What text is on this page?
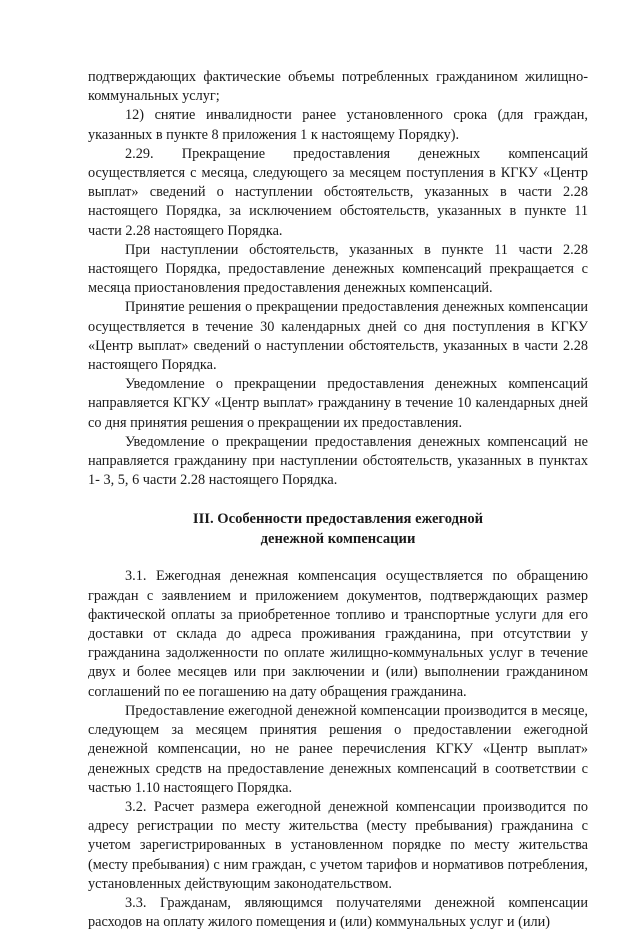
подтверждающих фактические объемы потребленных гражданином жилищно-коммунальных услуг;

12) снятие инвалидности ранее установленного срока (для граждан, указанных в пункте 8 приложения 1 к настоящему Порядку).

2.29. Прекращение предоставления денежных компенсаций осуществляется с месяца, следующего за месяцем поступления в КГКУ «Центр выплат» сведений о наступлении обстоятельств, указанных в части 2.28 настоящего Порядка, за исключением обстоятельств, указанных в пункте 11 части 2.28 настоящего Порядка.

При наступлении обстоятельств, указанных в пункте 11 части 2.28 настоящего Порядка, предоставление денежных компенсаций прекращается с месяца приостановления предоставления денежных компенсаций.

Принятие решения о прекращении предоставления денежных компенсации осуществляется в течение 30 календарных дней со дня поступления в КГКУ «Центр выплат» сведений о наступлении обстоятельств, указанных в части 2.28 настоящего Порядка.

Уведомление о прекращении предоставления денежных компенсаций направляется КГКУ «Центр выплат» гражданину в течение 10 календарных дней со дня принятия решения о прекращении их предоставления.

Уведомление о прекращении предоставления денежных компенсаций не направляется гражданину при наступлении обстоятельств, указанных в пунктах 1- 3, 5, 6 части 2.28 настоящего Порядка.

III. Особенности предоставления ежегодной
денежной компенсации

3.1. Ежегодная денежная компенсация осуществляется по обращению граждан с заявлением и приложением документов, подтверждающих размер фактической оплаты за приобретенное топливо и транспортные услуги для его доставки от склада до адреса проживания гражданина, при отсутствии у гражданина задолженности по оплате жилищно-коммунальных услуг в течение двух и более месяцев или при заключении и (или) выполнении гражданином соглашений по ее погашению на дату обращения гражданина.

Предоставление ежегодной денежной компенсации производится в месяце, следующем за месяцем принятия решения о предоставлении ежегодной денежной компенсации, но не ранее перечисления КГКУ «Центр выплат» денежных средств на предоставление денежных компенсаций в соответствии с частью 1.10 настоящего Порядка.

3.2. Расчет размера ежегодной денежной компенсации производится по адресу регистрации по месту жительства (месту пребывания) гражданина с учетом зарегистрированных в установленном порядке по месту жительства (месту пребывания) с ним граждан, с учетом тарифов и нормативов потребления, установленных действующим законодательством.

3.3. Гражданам, являющимся получателями денежной компенсации расходов на оплату жилого помещения и (или) коммунальных услуг и (или)
